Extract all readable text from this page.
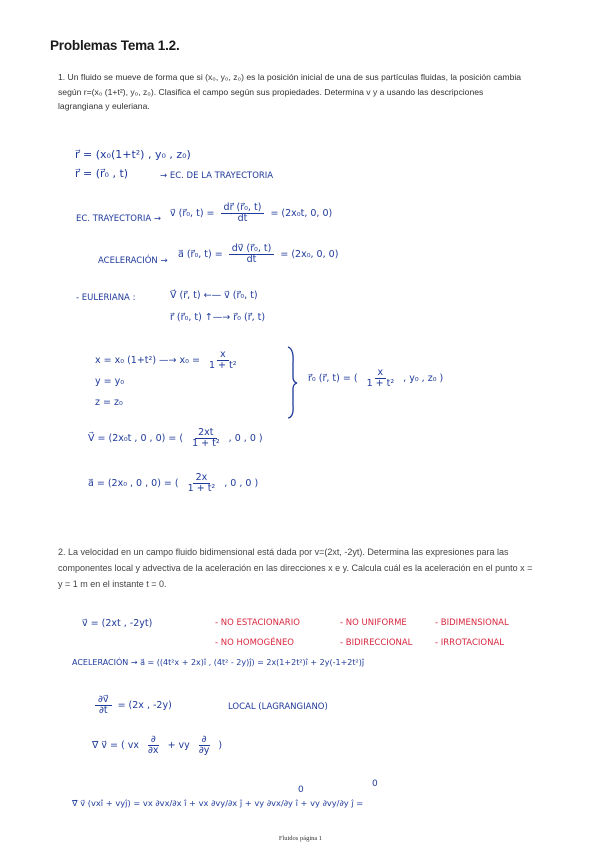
Problemas Tema 1.2.
1. Un fluido se mueve de forma que si (x₀, y₀, z₀) es la posición inicial de una de sus partículas fluidas, la posición cambia según r=(x₀ (1+t²), y₀, z₀). Clasifica el campo según sus propiedades. Determina v y a usando las descripciones lagrangiana y euleriana.
r⃗ = (x₀(1+t²) , y₀ , z₀)
r⃗ = (r⃗₀ , t)	→ EC. DE LA TRAYECTORIA
EC. TRAYECTORIA →
v⃗ (r⃗₀, $t) = \frac{\text{dr⃗ (r⃗₀, t)}}{dt} = (2x_0t$, 0, 0)
ACELERACIÓN →
a⃗ (r⃗₀, $t) = \frac{\text{dv⃗ (r⃗₀, t)}}{dt} = (2x_0$, 0, 0)
- EULERIANA :	V⃗ (r⃗, t) ←— v⃗ (r⃗₀, t)
r⃗ (r⃗₀, t) ↑—→ r⃗₀ (r⃗, t)
x = x₀ (1+t²) —→ $x_0 = \frac{x}{\text{1 + t²}}$
y = y₀
z = z₀
r⃗₀ (r⃗, t) = ( $\frac{x}{\text{1 + t²}}$ , y₀ , z₀ )
V⃗ = (2x₀t , 0 , 0) = ( $\frac{2xt}{\text{1 + t²}}$ , 0 , 0 )
a⃗ = (2x₀ , 0 , 0) = ( $\frac{2x}{\text{1 + t²}}$ , 0 , 0 )
2. La velocidad en un campo fluido bidimensional está dada por v=(2xt, -2yt). Determina las expresiones para las componentes local y advectiva de la aceleración en las direcciones x e y. Calcula cuál es la aceleración en el punto x = y = 1 m en el instante t = 0.
v⃗ = (2xt , -2yt)	- NO ESTACIONARIO	- NO UNIFORME	- BIDIMENSIONAL
- NO HOMOGÉNEO	- BIDIRECCIONAL	- IRROTACIONAL
ACELERACIÓN → a⃗ = ((4t²x + 2x)î , (4t² - 2y)ĵ) = 2x(1+2t²)î + 2y(-1+2t²)ĵ
$\frac{\partial v⃗}{\partial t} = (2x$ , -2y)	LOCAL (LAGRANGIANO)
∇⃗ v⃗ = ( vx $\frac{\partial}{\partial x}$ + vy $\frac{\partial}{\partial y}$ )
0
0
∇⃗ v⃗ (vxî + vyĵ) = vx ∂vx/∂x î + vx ∂vy/∂x ĵ + vy ∂vx/∂y î + vy ∂vy/∂y ĵ =
Fluidos página 1
